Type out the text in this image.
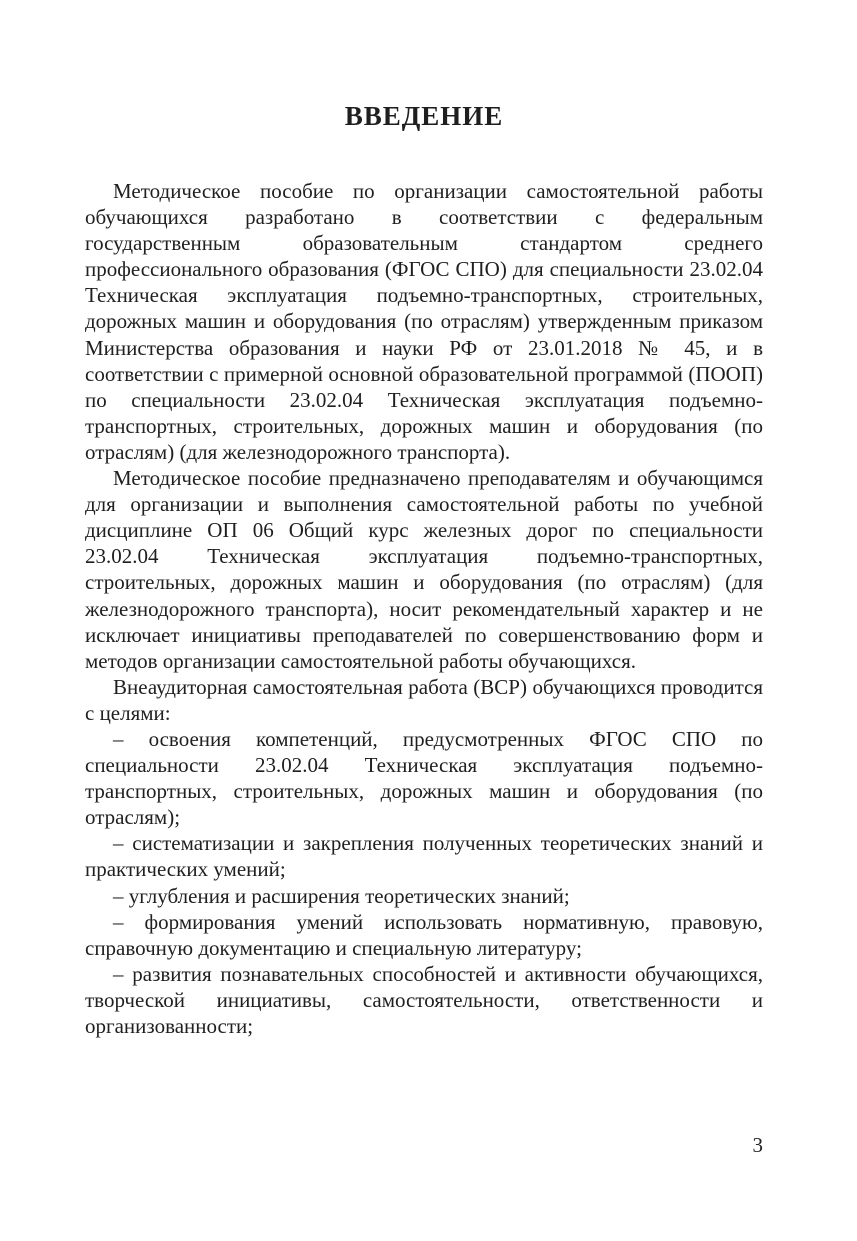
ВВЕДЕНИЕ

Методическое пособие по организации самостоятельной работы обучающихся разработано в соответствии с федеральным государственным образовательным стандартом среднего профессионального образования (ФГОС СПО) для специальности 23.02.04 Техническая эксплуатация подъемно-транспортных, строительных, дорожных машин и оборудования (по отраслям) утвержденным приказом Министерства образования и науки РФ от 23.01.2018 № 45, и в соответствии с примерной основной образовательной программой (ПООП) по специальности 23.02.04 Техническая эксплуатация подъемно-транспортных, строительных, дорожных машин и оборудования (по отраслям) (для железнодорожного транспорта).

Методическое пособие предназначено преподавателям и обучающимся для организации и выполнения самостоятельной работы по учебной дисциплине ОП 06 Общий курс железных дорог по специальности 23.02.04 Техническая эксплуатация подъемно-транспортных, строительных, дорожных машин и оборудования (по отраслям) (для железнодорожного транспорта), носит рекомендательный характер и не исключает инициативы преподавателей по совершенствованию форм и методов организации самостоятельной работы обучающихся.

Внеаудиторная самостоятельная работа (ВСР) обучающихся проводится с целями:

– освоения компетенций, предусмотренных ФГОС СПО по специальности 23.02.04 Техническая эксплуатация подъемно-транспортных, строительных, дорожных машин и оборудования (по отраслям);

– систематизации и закрепления полученных теоретических знаний и практических умений;

– углубления и расширения теоретических знаний;

– формирования умений использовать нормативную, правовую, справочную документацию и специальную литературу;

– развития познавательных способностей и активности обучающихся, творческой инициативы, самостоятельности, ответственности и организованности;

3
